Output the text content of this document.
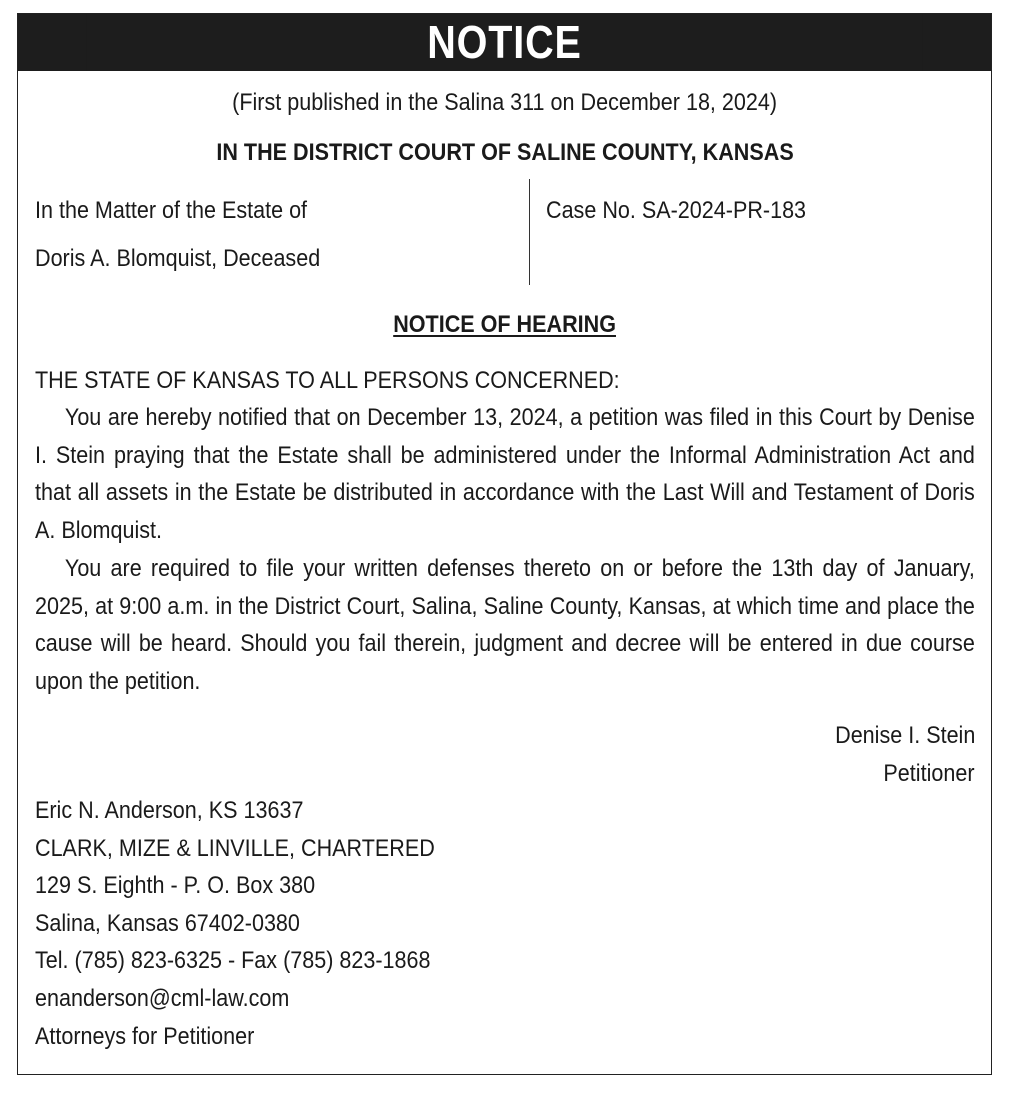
NOTICE
(First published in the Salina 311 on December 18, 2024)
IN THE DISTRICT COURT OF SALINE COUNTY, KANSAS
In the Matter of the Estate of
Doris A. Blomquist, Deceased
Case No. SA-2024-PR-183
NOTICE OF HEARING
THE STATE OF KANSAS TO ALL PERSONS CONCERNED:
You are hereby notified that on December 13, 2024, a petition was filed in this Court by Denise I. Stein praying that the Estate shall be administered under the Informal Administration Act and that all assets in the Estate be distributed in accordance with the Last Will and Testament of Doris A. Blomquist.
You are required to file your written defenses thereto on or before the 13th day of January, 2025, at 9:00 a.m. in the District Court, Salina, Saline County, Kansas, at which time and place the cause will be heard. Should you fail therein, judgment and decree will be entered in due course upon the petition.
Denise I. Stein
Petitioner
Eric N. Anderson, KS 13637
CLARK, MIZE & LINVILLE, CHARTERED
129 S. Eighth - P. O. Box 380
Salina, Kansas 67402-0380
Tel. (785) 823-6325 - Fax (785) 823-1868
enanderson@cml-law.com
Attorneys for Petitioner
